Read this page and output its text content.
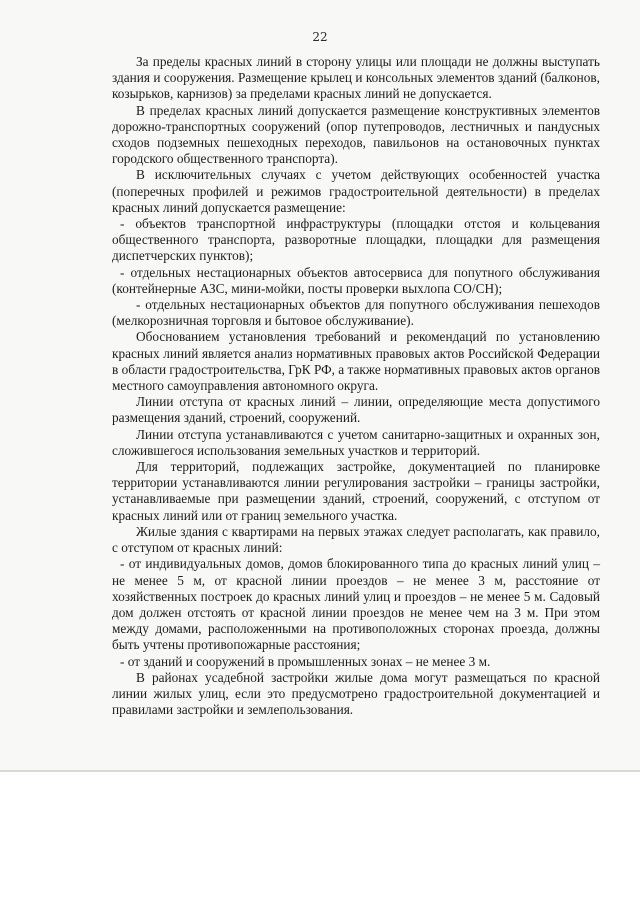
22

За пределы красных линий в сторону улицы или площади не должны выступать здания и сооружения. Размещение крылец и консольных элементов зданий (балконов, козырьков, карнизов) за пределами красных линий не допускается.

В пределах красных линий допускается размещение конструктивных элементов дорожно-транспортных сооружений (опор путепроводов, лестничных и пандусных сходов подземных пешеходных переходов, павильонов на остановочных пунктах городского общественного транспорта).

В исключительных случаях с учетом действующих особенностей участка (поперечных профилей и режимов градостроительной деятельности) в пределах красных линий допускается размещение:

- объектов транспортной инфраструктуры (площадки отстоя и кольцевания общественного транспорта, разворотные площадки, площадки для размещения диспетчерских пунктов);

- отдельных нестационарных объектов автосервиса для попутного обслуживания (контейнерные АЗС, мини-мойки, посты проверки выхлопа СО/СН);

- отдельных нестационарных объектов для попутного обслуживания пешеходов (мелкорозничная торговля и бытовое обслуживание).

Обоснованием установления требований и рекомендаций по установлению красных линий является анализ нормативных правовых актов Российской Федерации в области градостроительства, ГрК РФ, а также нормативных правовых актов органов местного самоуправления автономного округа.

Линии отступа от красных линий – линии, определяющие места допустимого размещения зданий, строений, сооружений.

Линии отступа устанавливаются с учетом санитарно-защитных и охранных зон, сложившегося использования земельных участков и территорий.

Для территорий, подлежащих застройке, документацией по планировке территории устанавливаются линии регулирования застройки – границы застройки, устанавливаемые при размещении зданий, строений, сооружений, с отступом от красных линий или от границ земельного участка.

Жилые здания с квартирами на первых этажах следует располагать, как правило, с отступом от красных линий:

- от индивидуальных домов, домов блокированного типа до красных линий улиц – не менее 5 м, от красной линии проездов – не менее 3 м, расстояние от хозяйственных построек до красных линий улиц и проездов – не менее 5 м. Садовый дом должен отстоять от красной линии проездов не менее чем на 3 м. При этом между домами, расположенными на противоположных сторонах проезда, должны быть учтены противопожарные расстояния;

- от зданий и сооружений в промышленных зонах – не менее 3 м.

В районах усадебной застройки жилые дома могут размещаться по красной линии жилых улиц, если это предусмотрено градостроительной документацией и правилами застройки и землепользования.
